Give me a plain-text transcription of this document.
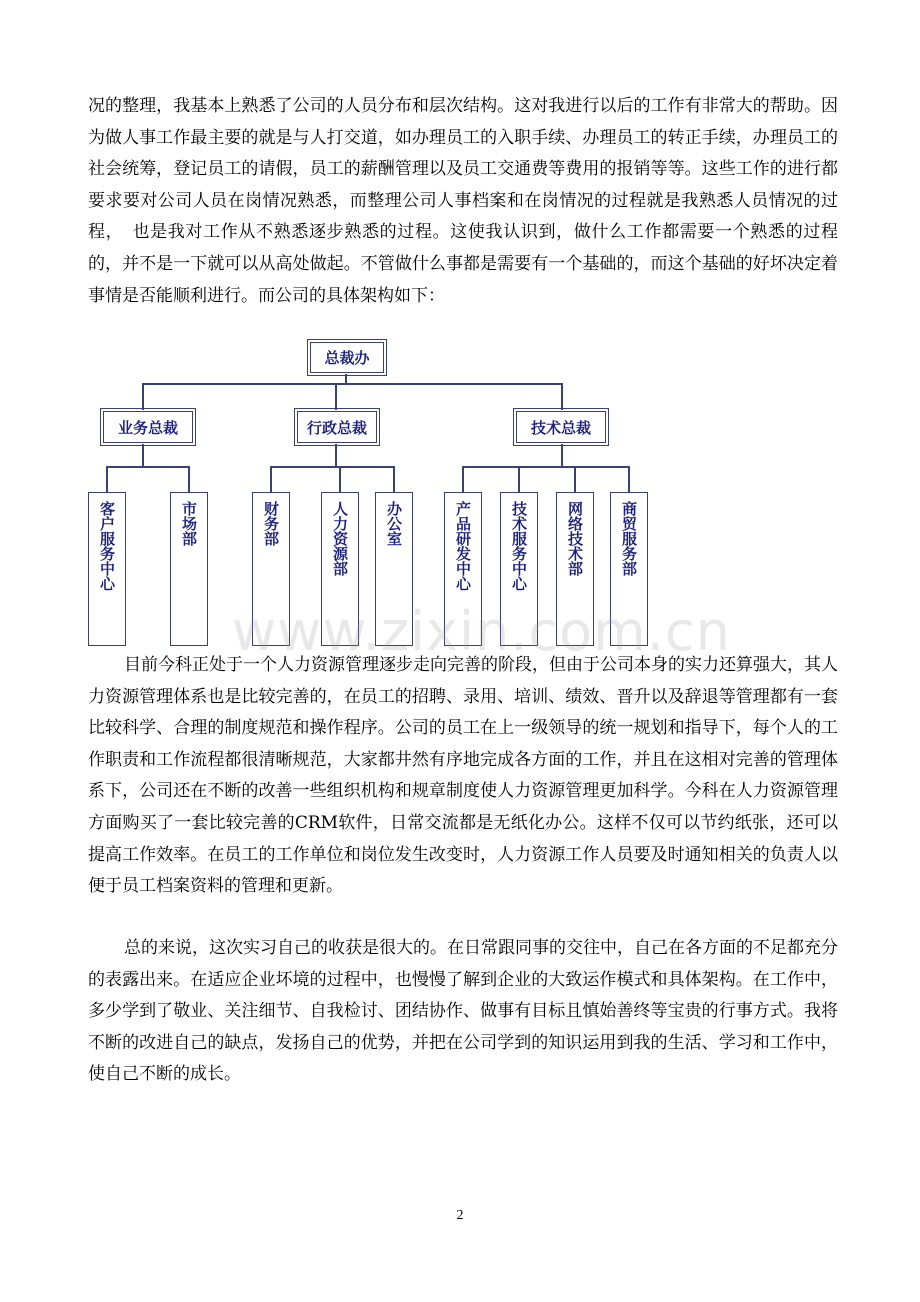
况的整理，我基本上熟悉了公司的人员分布和层次结构。这对我进行以后的工作有非常大的帮助。因为做人事工作最主要的就是与人打交道，如办理员工的入职手续、办理员工的转正手续，办理员工的社会统筹，登记员工的请假，员工的薪酬管理以及员工交通费等费用的报销等等。这些工作的进行都要求要对公司人员在岗情况熟悉，而整理公司人事档案和在岗情况的过程就是我熟悉人员情况的过程，　也是我对工作从不熟悉逐步熟悉的过程。这使我认识到，做什么工作都需要一个熟悉的过程的，并不是一下就可以从高处做起。不管做什么事都是需要有一个基础的，而这个基础的好坏决定着事情是否能顺利进行。而公司的具体架构如下：

总裁办
业务总裁	行政总裁	技术总裁
客户服务中心	市场部	财务部	人力资源部	办公室	产品研发中心	技术服务中心	网络技术部	商贸服务部
www.zixin.com.cn

目前今科正处于一个人力资源管理逐步走向完善的阶段，但由于公司本身的实力还算强大，其人力资源管理体系也是比较完善的，在员工的招聘、录用、培训、绩效、晋升以及辞退等管理都有一套比较科学、合理的制度规范和操作程序。公司的员工在上一级领导的统一规划和指导下，每个人的工作职责和工作流程都很清晰规范，大家都井然有序地完成各方面的工作，并且在这相对完善的管理体系下，公司还在不断的改善一些组织机构和规章制度使人力资源管理更加科学。今科在人力资源管理方面购买了一套比较完善的CRM软件，日常交流都是无纸化办公。这样不仅可以节约纸张，还可以提高工作效率。在员工的工作单位和岗位发生改变时，人力资源工作人员要及时通知相关的负责人以便于员工档案资料的管理和更新。

总的来说，这次实习自己的收获是很大的。在日常跟同事的交往中，自己在各方面的不足都充分的表露出来。在适应企业坏境的过程中，也慢慢了解到企业的大致运作模式和具体架构。在工作中，多少学到了敬业、关注细节、自我检讨、团结协作、做事有目标且慎始善终等宝贵的行事方式。我将不断的改进自己的缺点，发扬自己的优势，并把在公司学到的知识运用到我的生活、学习和工作中，使自己不断的成长。

2
